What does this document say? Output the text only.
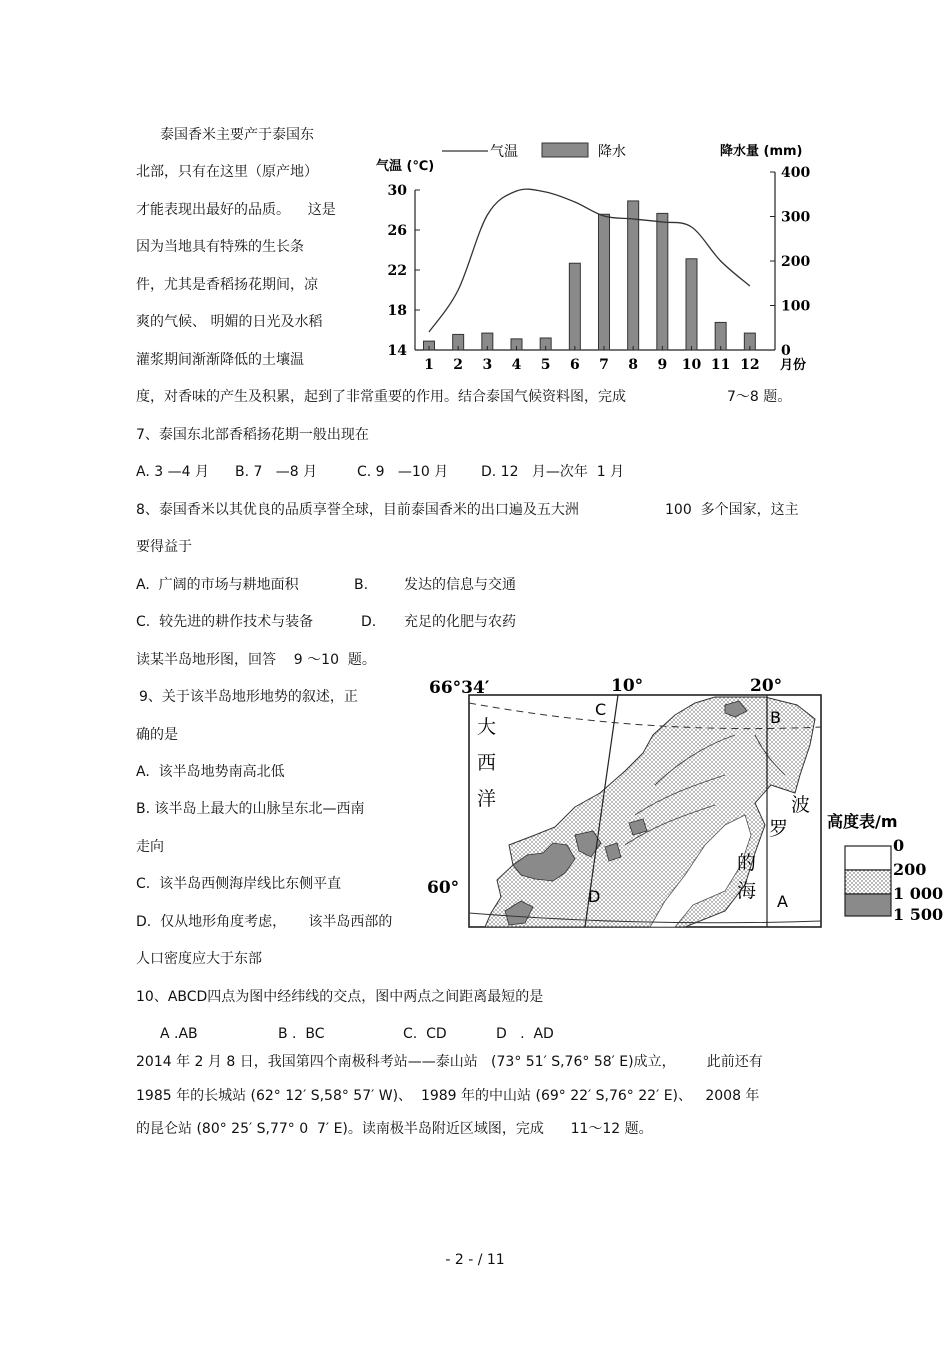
泰国香米主要产于泰国东
北部，只有在这里（原产地）
才能表现出最好的品质。    这是
因为当地具有特殊的生长条
件，尤其是香稻扬花期间，凉
爽的气候、 明媚的日光及水稻
灌浆期间渐渐降低的土壤温
度，对香味的产生及积累，起到了非常重要的作用。结合泰国气候资料图，完成	7～8 题。
气温	降水
气温 (℃)
降水量 (mm)
30
26
22
18
14
400
300
200
100
0
1 2 3 4 5 6 7 8 9 10 11 12 月份
7、泰国东北部香稻扬花期一般出现在
A. 3 —4 月 B. 7   —8 月	C. 9   —10 月 D. 12   月—次年  1 月
8、泰国香米以其优良的品质享誉全球，目前泰国香米的出口遍及五大洲	100  多个国家，这主
要得益于
A.  广阔的市场与耕地面积	B.	发达的信息与交通
C.  较先进的耕作技术与装备	D. 充足的化肥与农药
读某半岛地形图，回答    9 ～10  题。
9、关于该半岛地形地势的叙述，正
确的是
A.  该半岛地势南高北低
B. 该半岛上最大的山脉呈东北—西南
走向
C.  该半岛西侧海岸线比东侧平直
D.  仅从地形角度考虑，     该半岛西部的
人口密度应大于东部
66°34′
60°
10°	20°
大
西
洋	波
罗
的
海
C	B
D	A
高度表/m
0
200
1 000
1 500
10、ABCD四点为图中经纬线的交点，图中两点之间距离最短的是
A .AB	B .  BC	C.  CD	D   .  AD
2014 年 2 月 8 日，我国第四个南极科考站——泰山站   (73° 51′ S,76° 58′ E)成立，       此前还有
1985 年的长城站 (62° 12′ S,58° 57′ W)、  1989 年的中山站 (69° 22′ S,76° 22′ E)、   2008 年
的昆仑站 (80° 25′ S,77° 0  7′ E)。读南极半岛附近区域图，完成      11～12 题。
- 2 - / 11
